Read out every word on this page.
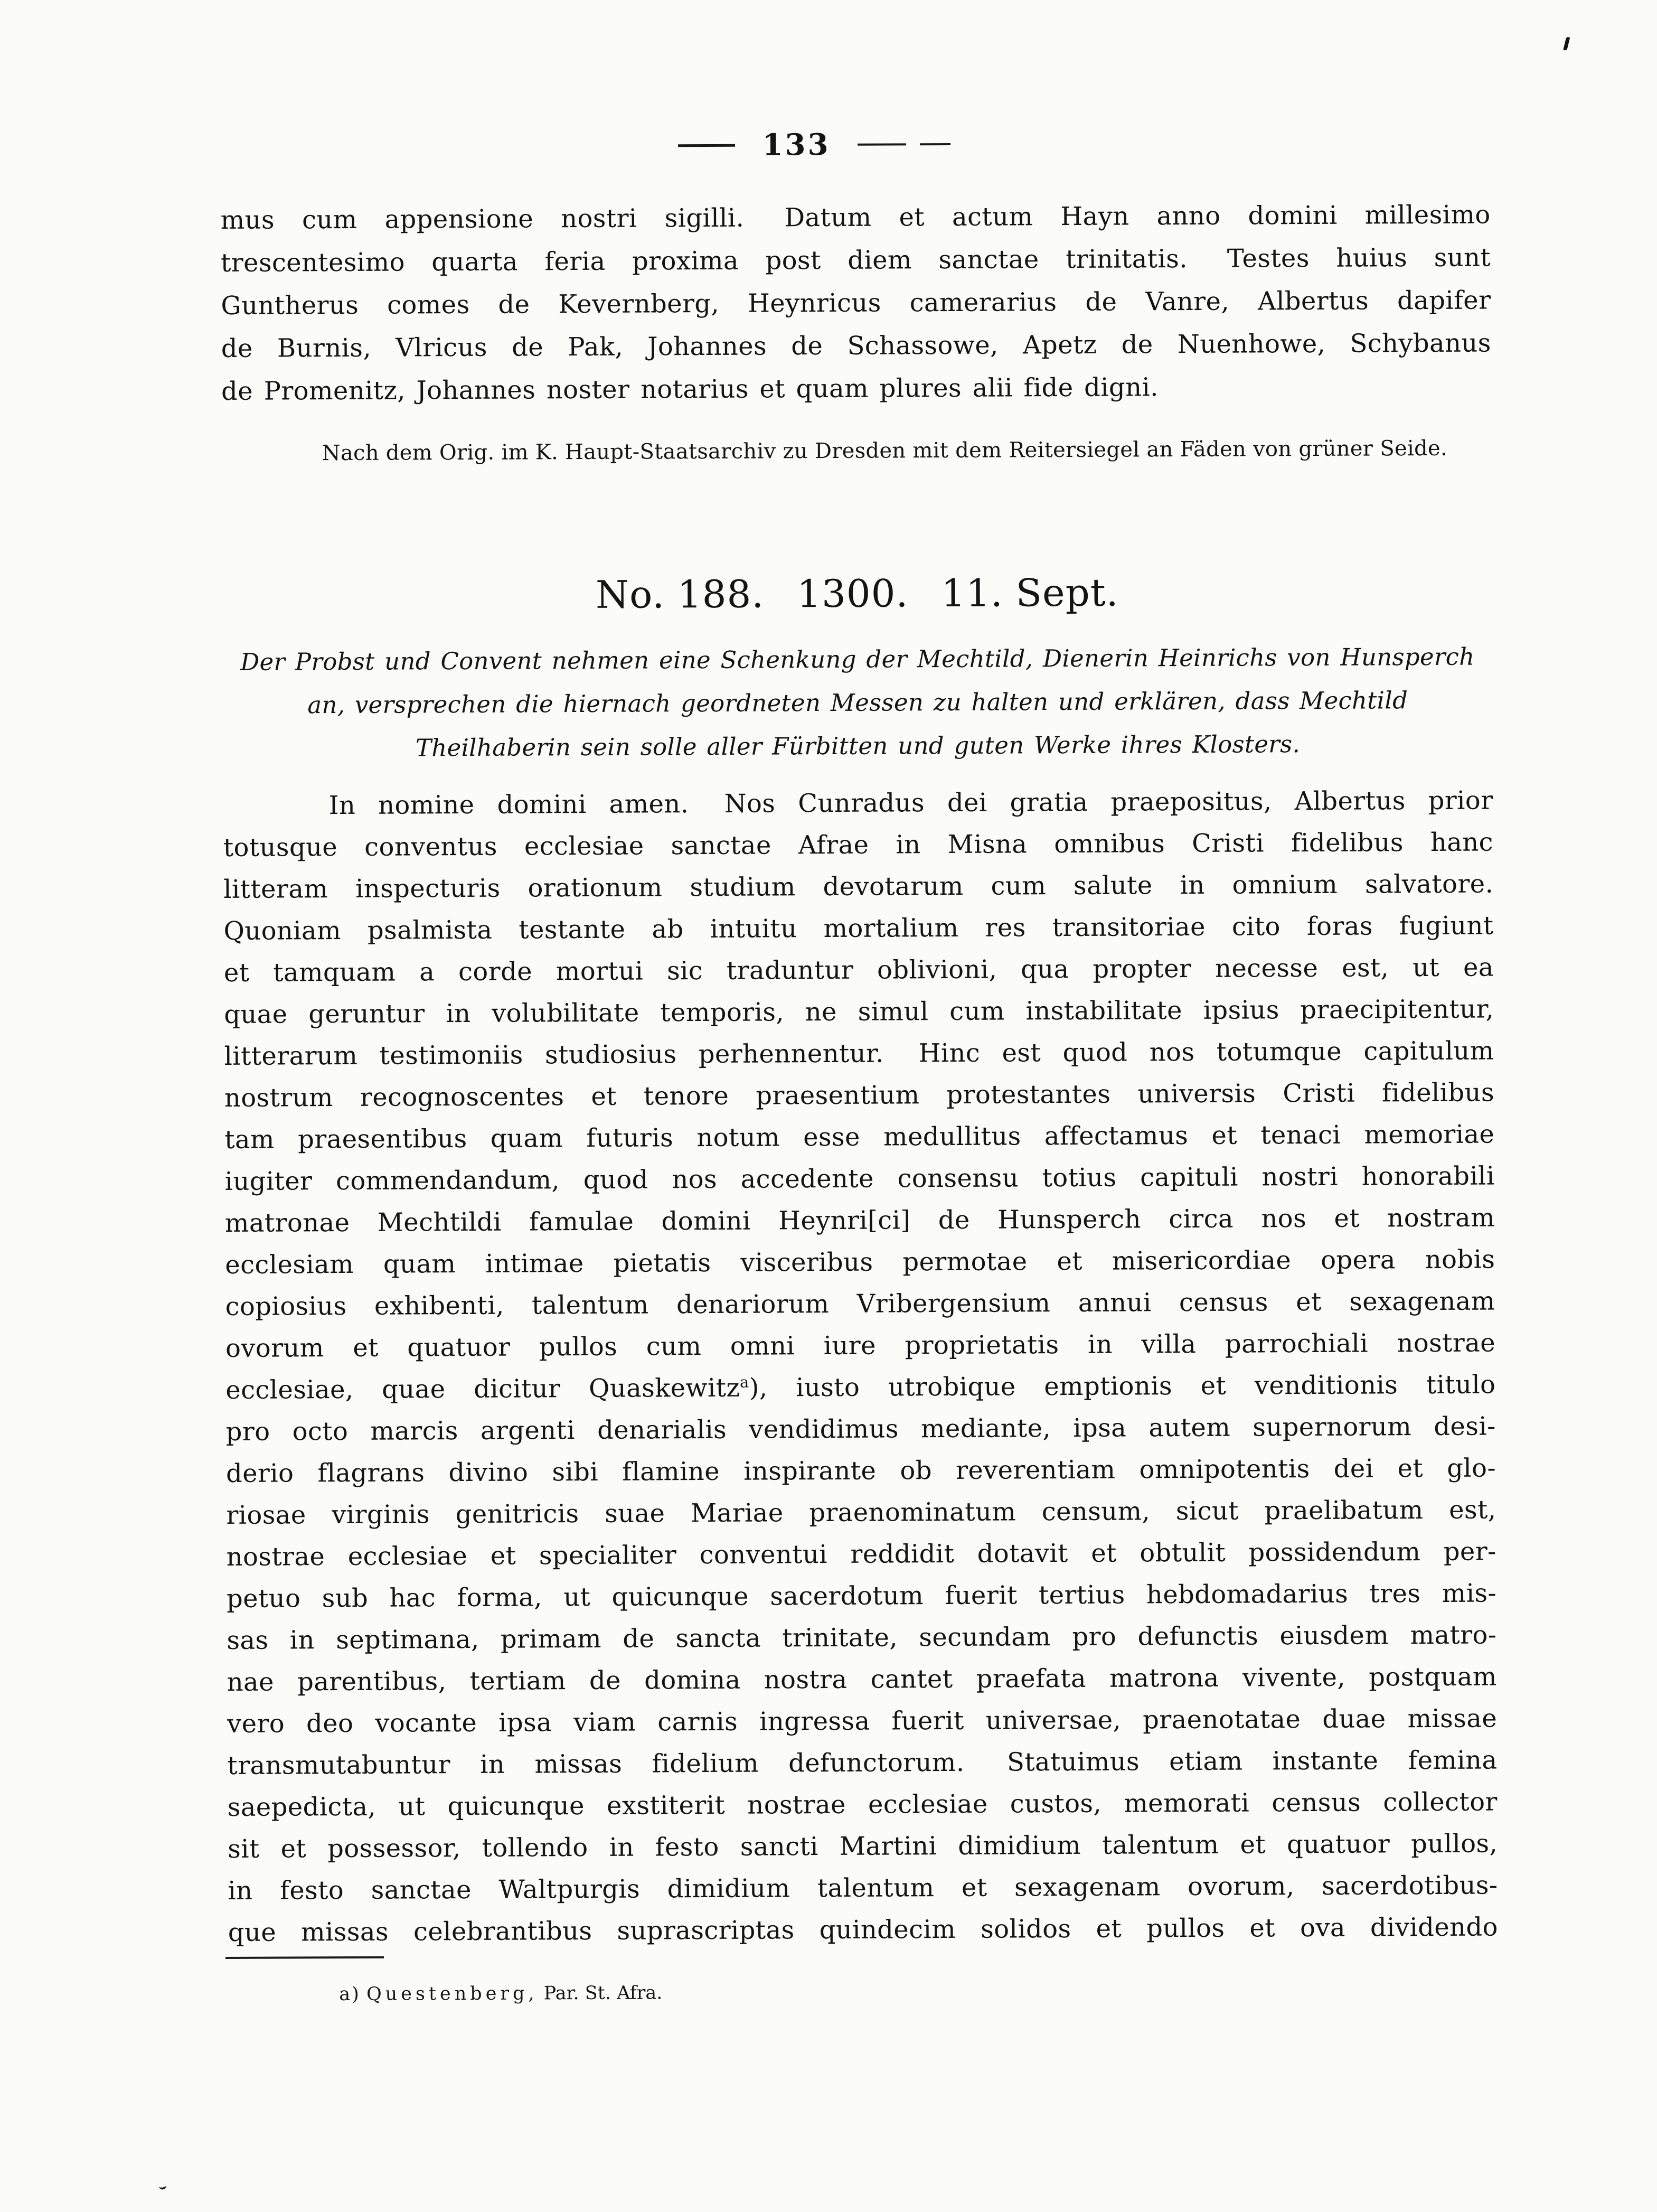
133
mus cum appensione nostri sigilli.  Datum et actum Hayn anno domini millesimo
trescentesimo quarta feria proxima post diem sanctae trinitatis.  Testes huius sunt
Guntherus comes de Kevernberg, Heynricus camerarius de Vanre, Albertus dapifer
de Burnis, Vlricus de Pak, Johannes de Schassowe, Apetz de Nuenhowe, Schybanus
de Promenitz, Johannes noster notarius et quam plures alii fide digni.
Nach dem Orig. im K. Haupt-Staatsarchiv zu Dresden mit dem Reitersiegel an Fäden von grüner Seide.
No. 188. 1300. 11. Sept.
Der Probst und Convent nehmen eine Schenkung der Mechtild, Dienerin Heinrichs von Hunsperch
an, versprechen die hiernach geordneten Messen zu halten und erklären, dass Mechtild
Theilhaberin sein solle aller Fürbitten und guten Werke ihres Klosters.
In nomine domini amen.  Nos Cunradus dei gratia praepositus, Albertus prior
totusque conventus ecclesiae sanctae Afrae in Misna omnibus Cristi fidelibus hanc
litteram inspecturis orationum studium devotarum cum salute in omnium salvatore.
Quoniam psalmista testante ab intuitu mortalium res transitoriae cito foras fugiunt
et tamquam a corde mortui sic traduntur oblivioni, qua propter necesse est, ut ea
quae geruntur in volubilitate temporis, ne simul cum instabilitate ipsius praecipitentur,
litterarum testimoniis studiosius perhennentur.  Hinc est quod nos totumque capitulum
nostrum recognoscentes et tenore praesentium protestantes universis Cristi fidelibus
tam praesentibus quam futuris notum esse medullitus affectamus et tenaci memoriae
iugiter commendandum, quod nos accedente consensu totius capituli nostri honorabili
matronae Mechtildi famulae domini Heynri[ci] de Hunsperch circa nos et nostram
ecclesiam quam intimae pietatis visceribus permotae et misericordiae opera nobis
copiosius exhibenti, talentum denariorum Vribergensium annui census et sexagenam
ovorum et quatuor pullos cum omni iure proprietatis in villa parrochiali nostrae
ecclesiae, quae dicitur Quaskewitz$^a$), iusto utrobique emptionis et venditionis titulo
pro octo marcis argenti denarialis vendidimus mediante, ipsa autem supernorum desi-
derio flagrans divino sibi flamine inspirante ob reverentiam omnipotentis dei et glo-
riosae virginis genitricis suae Mariae praenominatum censum, sicut praelibatum est,
nostrae ecclesiae et specialiter conventui reddidit dotavit et obtulit possidendum per-
petuo sub hac forma, ut quicunque sacerdotum fuerit tertius hebdomadarius tres mis-
sas in septimana, primam de sancta trinitate, secundam pro defunctis eiusdem matro-
nae parentibus, tertiam de domina nostra cantet praefata matrona vivente, postquam
vero deo vocante ipsa viam carnis ingressa fuerit universae, praenotatae duae missae
transmutabuntur in missas fidelium defunctorum.  Statuimus etiam instante femina
saepedicta, ut quicunque exstiterit nostrae ecclesiae custos, memorati census collector
sit et possessor, tollendo in festo sancti Martini dimidium talentum et quatuor pullos,
in festo sanctae Waltpurgis dimidium talentum et sexagenam ovorum, sacerdotibus-
que missas celebrantibus suprascriptas quindecim solidos et pullos et ova dividendo
a) Questenberg, Par. St. Afra.
